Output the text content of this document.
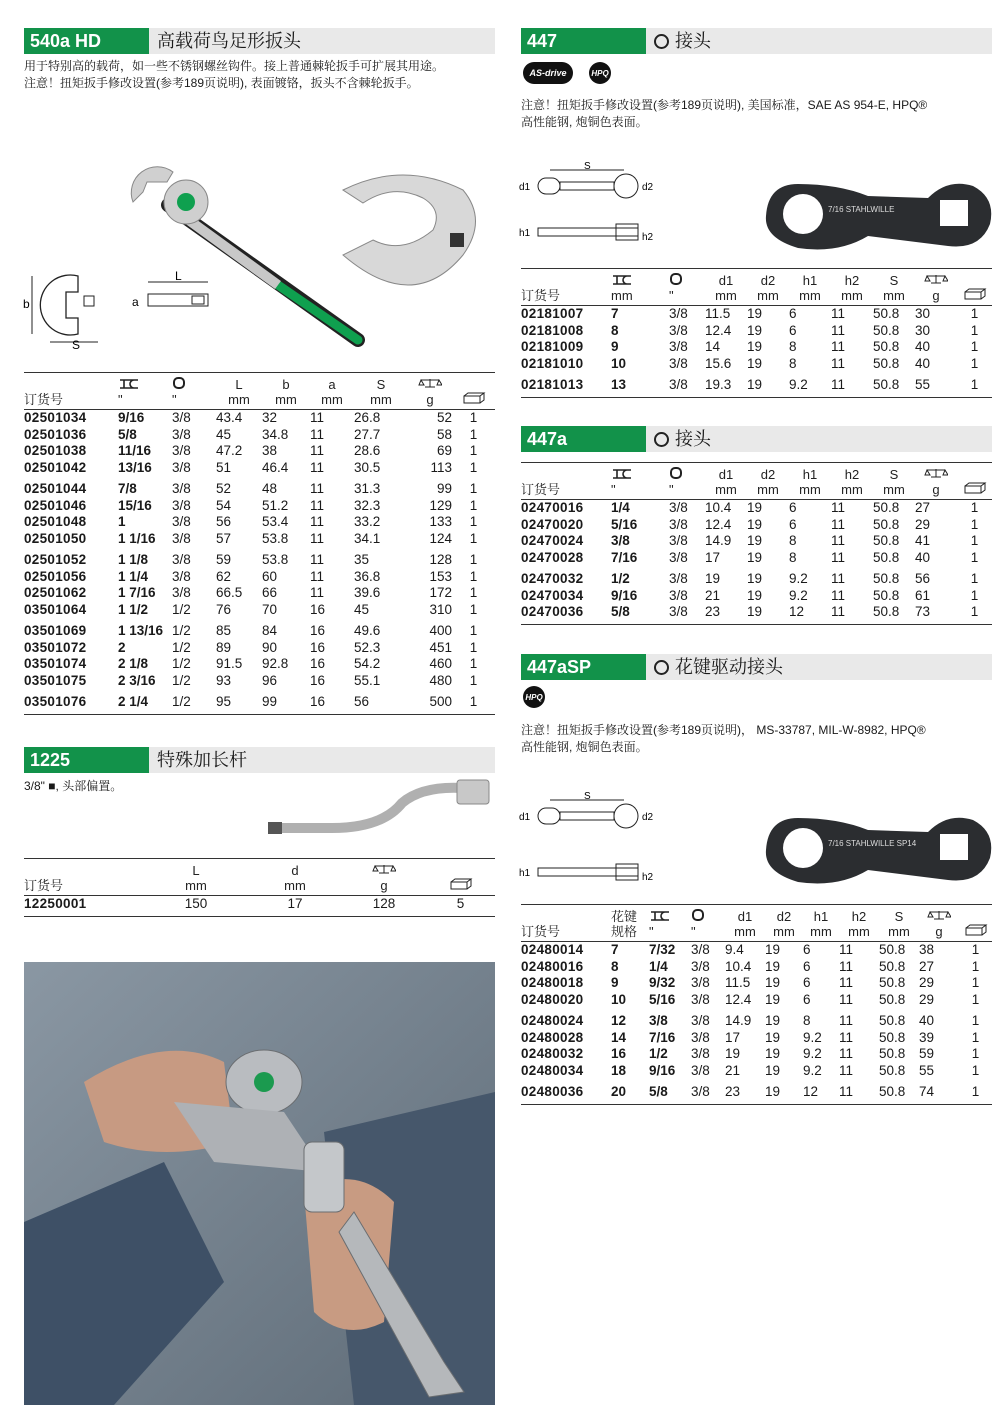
540a HD	高载荷鸟足形扳头
用于特别高的载荷，如一些不锈钢螺丝钩件。接上普通棘轮扳手可扩展其用途。
注意！扭矩扳手修改设置(参考189页说明), 表面镀铬，扳头不含棘轮扳手。
b
S
L
a
			L	b	a	S		
订货号	"	"	mm	mm	mm	mm	g	
02501034	9/16	3/8	43.4	32	11	26.8	52	1
02501036	5/8	3/8	45	34.8	11	27.7	58	1
02501038	11/16	3/8	47.2	38	11	28.6	69	1
02501042	13/16	3/8	51	46.4	11	30.5	113	1
02501044	7/8	3/8	52	48	11	31.3	99	1
02501046	15/16	3/8	54	51.2	11	32.3	129	1
02501048	1	3/8	56	53.4	11	33.2	133	1
02501050	1 1/16	3/8	57	53.8	11	34.1	124	1
02501052	1 1/8	3/8	59	53.8	11	35	128	1
02501056	1 1/4	3/8	62	60	11	36.8	153	1
02501062	1 7/16	3/8	66.5	66	11	39.6	172	1
03501064	1 1/2	1/2	76	70	16	45	310	1
03501069	1 13/16	1/2	85	84	16	49.6	400	1
03501072	2	1/2	89	90	16	52.3	451	1
03501074	2 1/8	1/2	91.5	92.8	16	54.2	460	1
03501075	2 3/16	1/2	93	96	16	55.1	480	1
03501076	2 1/4	1/2	95	99	16	56	500	1
1225	特殊加长杆
3/8" ■, 头部偏置。
	L	d		
订货号	mm	mm	g	
12250001	150	17	128	5
447	接头
AS-drive	HPQ
注意！扭矩扳手修改设置(参考189页说明), 美国标准，SAE AS 954-E, HPQ®
高性能钢, 炮铜色表面。
S
d1	d2
h1	h2
7/16 STAHLWILLE
			d1	d2	h1	h2	S		
订货号	mm	"	mm	mm	mm	mm	mm	g	
02181007	7	3/8	11.5	19	6	11	50.8	30	1
02181008	8	3/8	12.4	19	6	11	50.8	30	1
02181009	9	3/8	14	19	8	11	50.8	40	1
02181010	10	3/8	15.6	19	8	11	50.8	40	1
02181013	13	3/8	19.3	19	9.2	11	50.8	55	1
447a	接头
			d1	d2	h1	h2	S		
订货号	"	"	mm	mm	mm	mm	mm	g	
02470016	1/4	3/8	10.4	19	6	11	50.8	27	1
02470020	5/16	3/8	12.4	19	6	11	50.8	29	1
02470024	3/8	3/8	14.9	19	8	11	50.8	41	1
02470028	7/16	3/8	17	19	8	11	50.8	40	1
02470032	1/2	3/8	19	19	9.2	11	50.8	56	1
02470034	9/16	3/8	21	19	9.2	11	50.8	61	1
02470036	5/8	3/8	23	19	12	11	50.8	73	1
447aSP	花键驱动接头
HPQ
注意！扭矩扳手修改设置(参考189页说明)， MS-33787, MIL-W-8982, HPQ®
高性能钢, 炮铜色表面。
S
d1	d2
h1	h2
7/16 STAHLWILLE SP14
	花键			d1	d2	h1	h2	S		
订货号	规格	"	"	mm	mm	mm	mm	mm	g	
02480014	7	7/32	3/8	9.4	19	6	11	50.8	38	1
02480016	8	1/4	3/8	10.4	19	6	11	50.8	27	1
02480018	9	9/32	3/8	11.5	19	6	11	50.8	29	1
02480020	10	5/16	3/8	12.4	19	6	11	50.8	29	1
02480024	12	3/8	3/8	14.9	19	8	11	50.8	40	1
02480028	14	7/16	3/8	17	19	9.2	11	50.8	39	1
02480032	16	1/2	3/8	19	19	9.2	11	50.8	59	1
02480034	18	9/16	3/8	21	19	9.2	11	50.8	55	1
02480036	20	5/8	3/8	23	19	12	11	50.8	74	1
